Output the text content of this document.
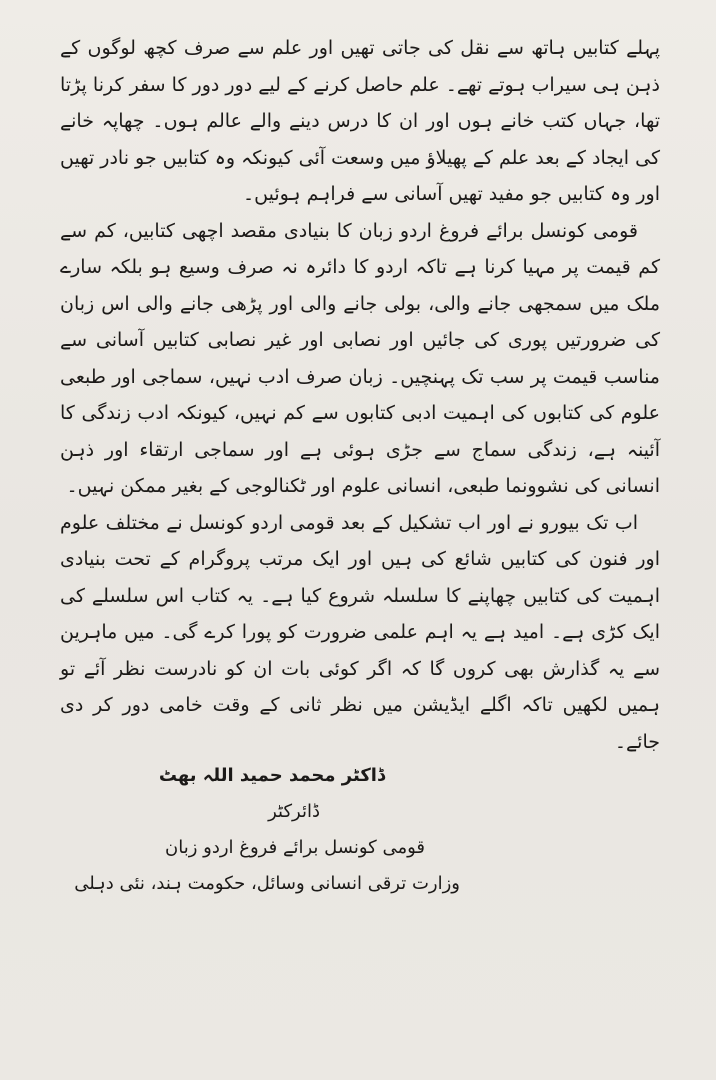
پہلے کتابیں ہاتھ سے نقل کی جاتی تھیں اور علم سے صرف کچھ لوگوں کے ذہن ہی سیراب ہوتے تھے۔ علم حاصل کرنے کے لیے دور دور کا سفر کرنا پڑتا تھا، جہاں کتب خانے ہوں اور ان کا درس دینے والے عالم ہوں۔ چھاپہ خانے کی ایجاد کے بعد علم کے پھیلاؤ میں وسعت آئی کیونکہ وہ کتابیں جو نادر تھیں اور وہ کتابیں جو مفید تھیں آسانی سے فراہم ہوئیں۔

قومی کونسل برائے فروغ اردو زبان کا بنیادی مقصد اچھی کتابیں، کم سے کم قیمت پر مہیا کرنا ہے تاکہ اردو کا دائرہ نہ صرف وسیع ہو بلکہ سارے ملک میں سمجھی جانے والی، بولی جانے والی اور پڑھی جانے والی اس زبان کی ضرورتیں پوری کی جائیں اور نصابی اور غیر نصابی کتابیں آسانی سے مناسب قیمت پر سب تک پہنچیں۔ زبان صرف ادب نہیں، سماجی اور طبعی علوم کی کتابوں کی اہمیت ادبی کتابوں سے کم نہیں، کیونکہ ادب زندگی کا آئینہ ہے، زندگی سماج سے جڑی ہوئی ہے اور سماجی ارتقاء اور ذہن انسانی کی نشوونما طبعی، انسانی علوم اور ٹکنالوجی کے بغیر ممکن نہیں۔

اب تک بیورو نے اور اب تشکیل کے بعد قومی اردو کونسل نے مختلف علوم اور فنون کی کتابیں شائع کی ہیں اور ایک مرتب پروگرام کے تحت بنیادی اہمیت کی کتابیں چھاپنے کا سلسلہ شروع کیا ہے۔ یہ کتاب اس سلسلے کی ایک کڑی ہے۔ امید ہے یہ اہم علمی ضرورت کو پورا کرے گی۔ میں ماہرین سے یہ گذارش بھی کروں گا کہ اگر کوئی بات ان کو نادرست نظر آئے تو ہمیں لکھیں تاکہ اگلے ایڈیشن میں نظر ثانی کے وقت خامی دور کر دی جائے۔

ڈاکٹر محمد حمید اللہ بھٹ
ڈائرکٹر
قومی کونسل برائے فروغ اردو زبان
وزارت ترقی انسانی وسائل، حکومت ہند، نئی دہلی
